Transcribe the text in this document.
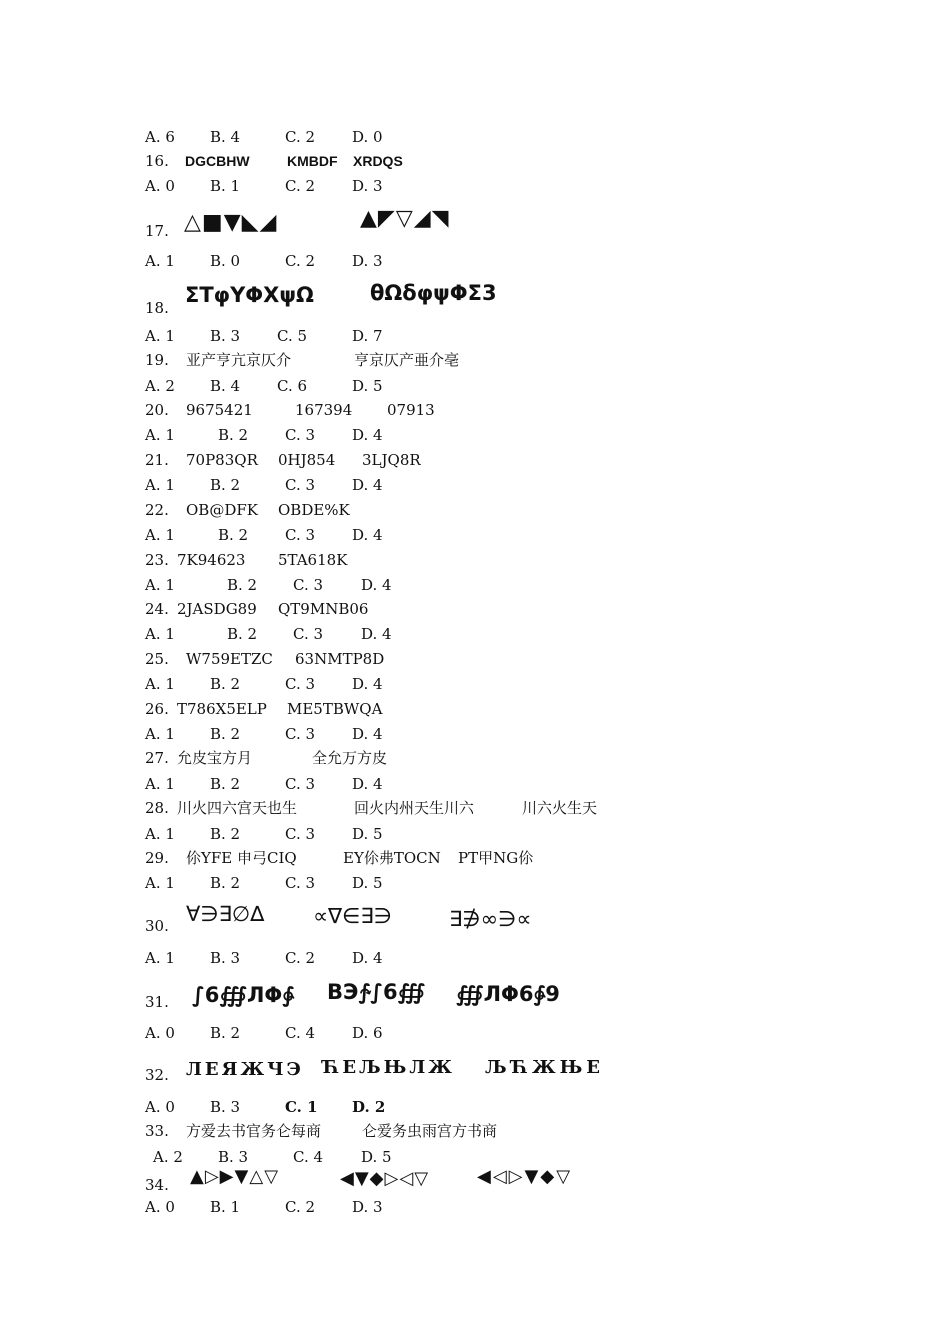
A. 6 B. 4	C. 2 D. 0
16. DGCBHW	KMBDF XRDQS
A. 0 B. 1	C. 2 D. 3
17. △■▼◣◢	▲◤▽◢◥
A. 1 B. 0	C. 2 D. 3
18.
ΣΤφΥΦΧψΩ	θΩδφψΦΣ3
A. 1 B. 3 C. 5	D. 7
19. 亚产亨亢京仄介	亨京仄产亜介亳
A. 2 B. 4 C. 6	D. 5
20. 9675421	167394 07913
A. 1	B. 2 C. 3 D. 4
21. 70P83QR 0HJ854 3LJQ8R
A. 1 B. 2	C. 3 D. 4
22. OB@DFK OBDE%K
A. 1	B. 2 C. 3 D. 4
23. 7K94623 5TA618K
A. 1	B. 2 C. 3	D. 4
24. 2JASDG89 QT9MNB06
A. 1	B. 2 C. 3	D. 4
25. W759ETZC 63NMTP8D
A. 1 B. 2	C. 3 D. 4
26. T786X5ELP ME5TBWQA
A. 1 B. 2	C. 3 D. 4
27. 允皮宝方月	全允万方皮
A. 1 B. 2	C. 3 D. 4
28. 川火四六宫天也生	回火内州天生川六	川六火生天
A. 1 B. 2	C. 3 D. 5
29. 伱YFE 申弓CIQ	EY伱弗TOCN PT甲NG伱
A. 1 B. 2	C. 3 D. 5
30. ∀∋∃∅∆ ∝∇∈∃∋	∃∌∞∋∝
A. 1 B. 3	C. 2 D. 4
31. ∫6∰ЛΦ∳ BЭ∱∫6∰ ∰ЛΦ6∳9
A. 0 B. 2	C. 4 D. 6
32. ЛЕЯЖЧЭ ЋЕЉЊЛЖ ЉЋЖЊЕ
A. 0 B. 3	C. 1 D. 2
33. 方爱去书官务仑每商	仑爱务虫雨宫方书商
A. 2 B. 3	C. 4	D. 5
34. ▲▷▶▼△▽	◀▼◆▷◁▽	◀◁▷▼◆▽
A. 0 B. 1	C. 2 D. 3
